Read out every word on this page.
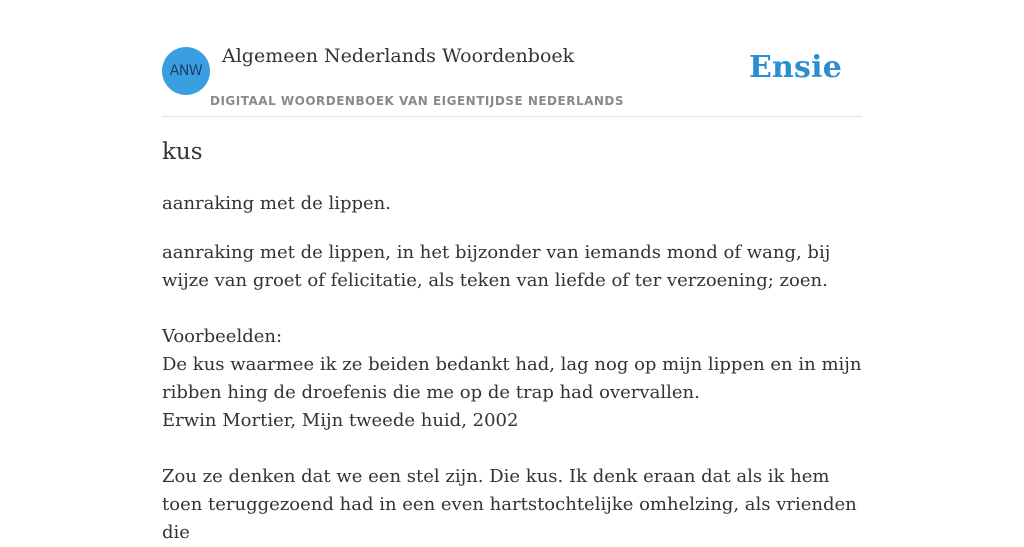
ANW
Algemeen Nederlands Woordenboek
DIGITAAL WOORDENBOEK VAN EIGENTIJDSE NEDERLANDS
Ensie
kus

aanraking met de lippen.

aanraking met de lippen, in het bijzonder van iemands mond of wang, bij wijze van groet of felicitatie, als teken van liefde of ter verzoening; zoen.

Voorbeelden:

De kus waarmee ik ze beiden bedankt had, lag nog op mijn lippen en in mijn ribben hing de droefenis die me op de trap had overvallen.

Erwin Mortier, Mijn tweede huid, 2002

Zou ze denken dat we een stel zijn. Die kus. Ik denk eraan dat als ik hem toen teruggezoend had in een even hartstochtelijke omhelzing, als vrienden die
